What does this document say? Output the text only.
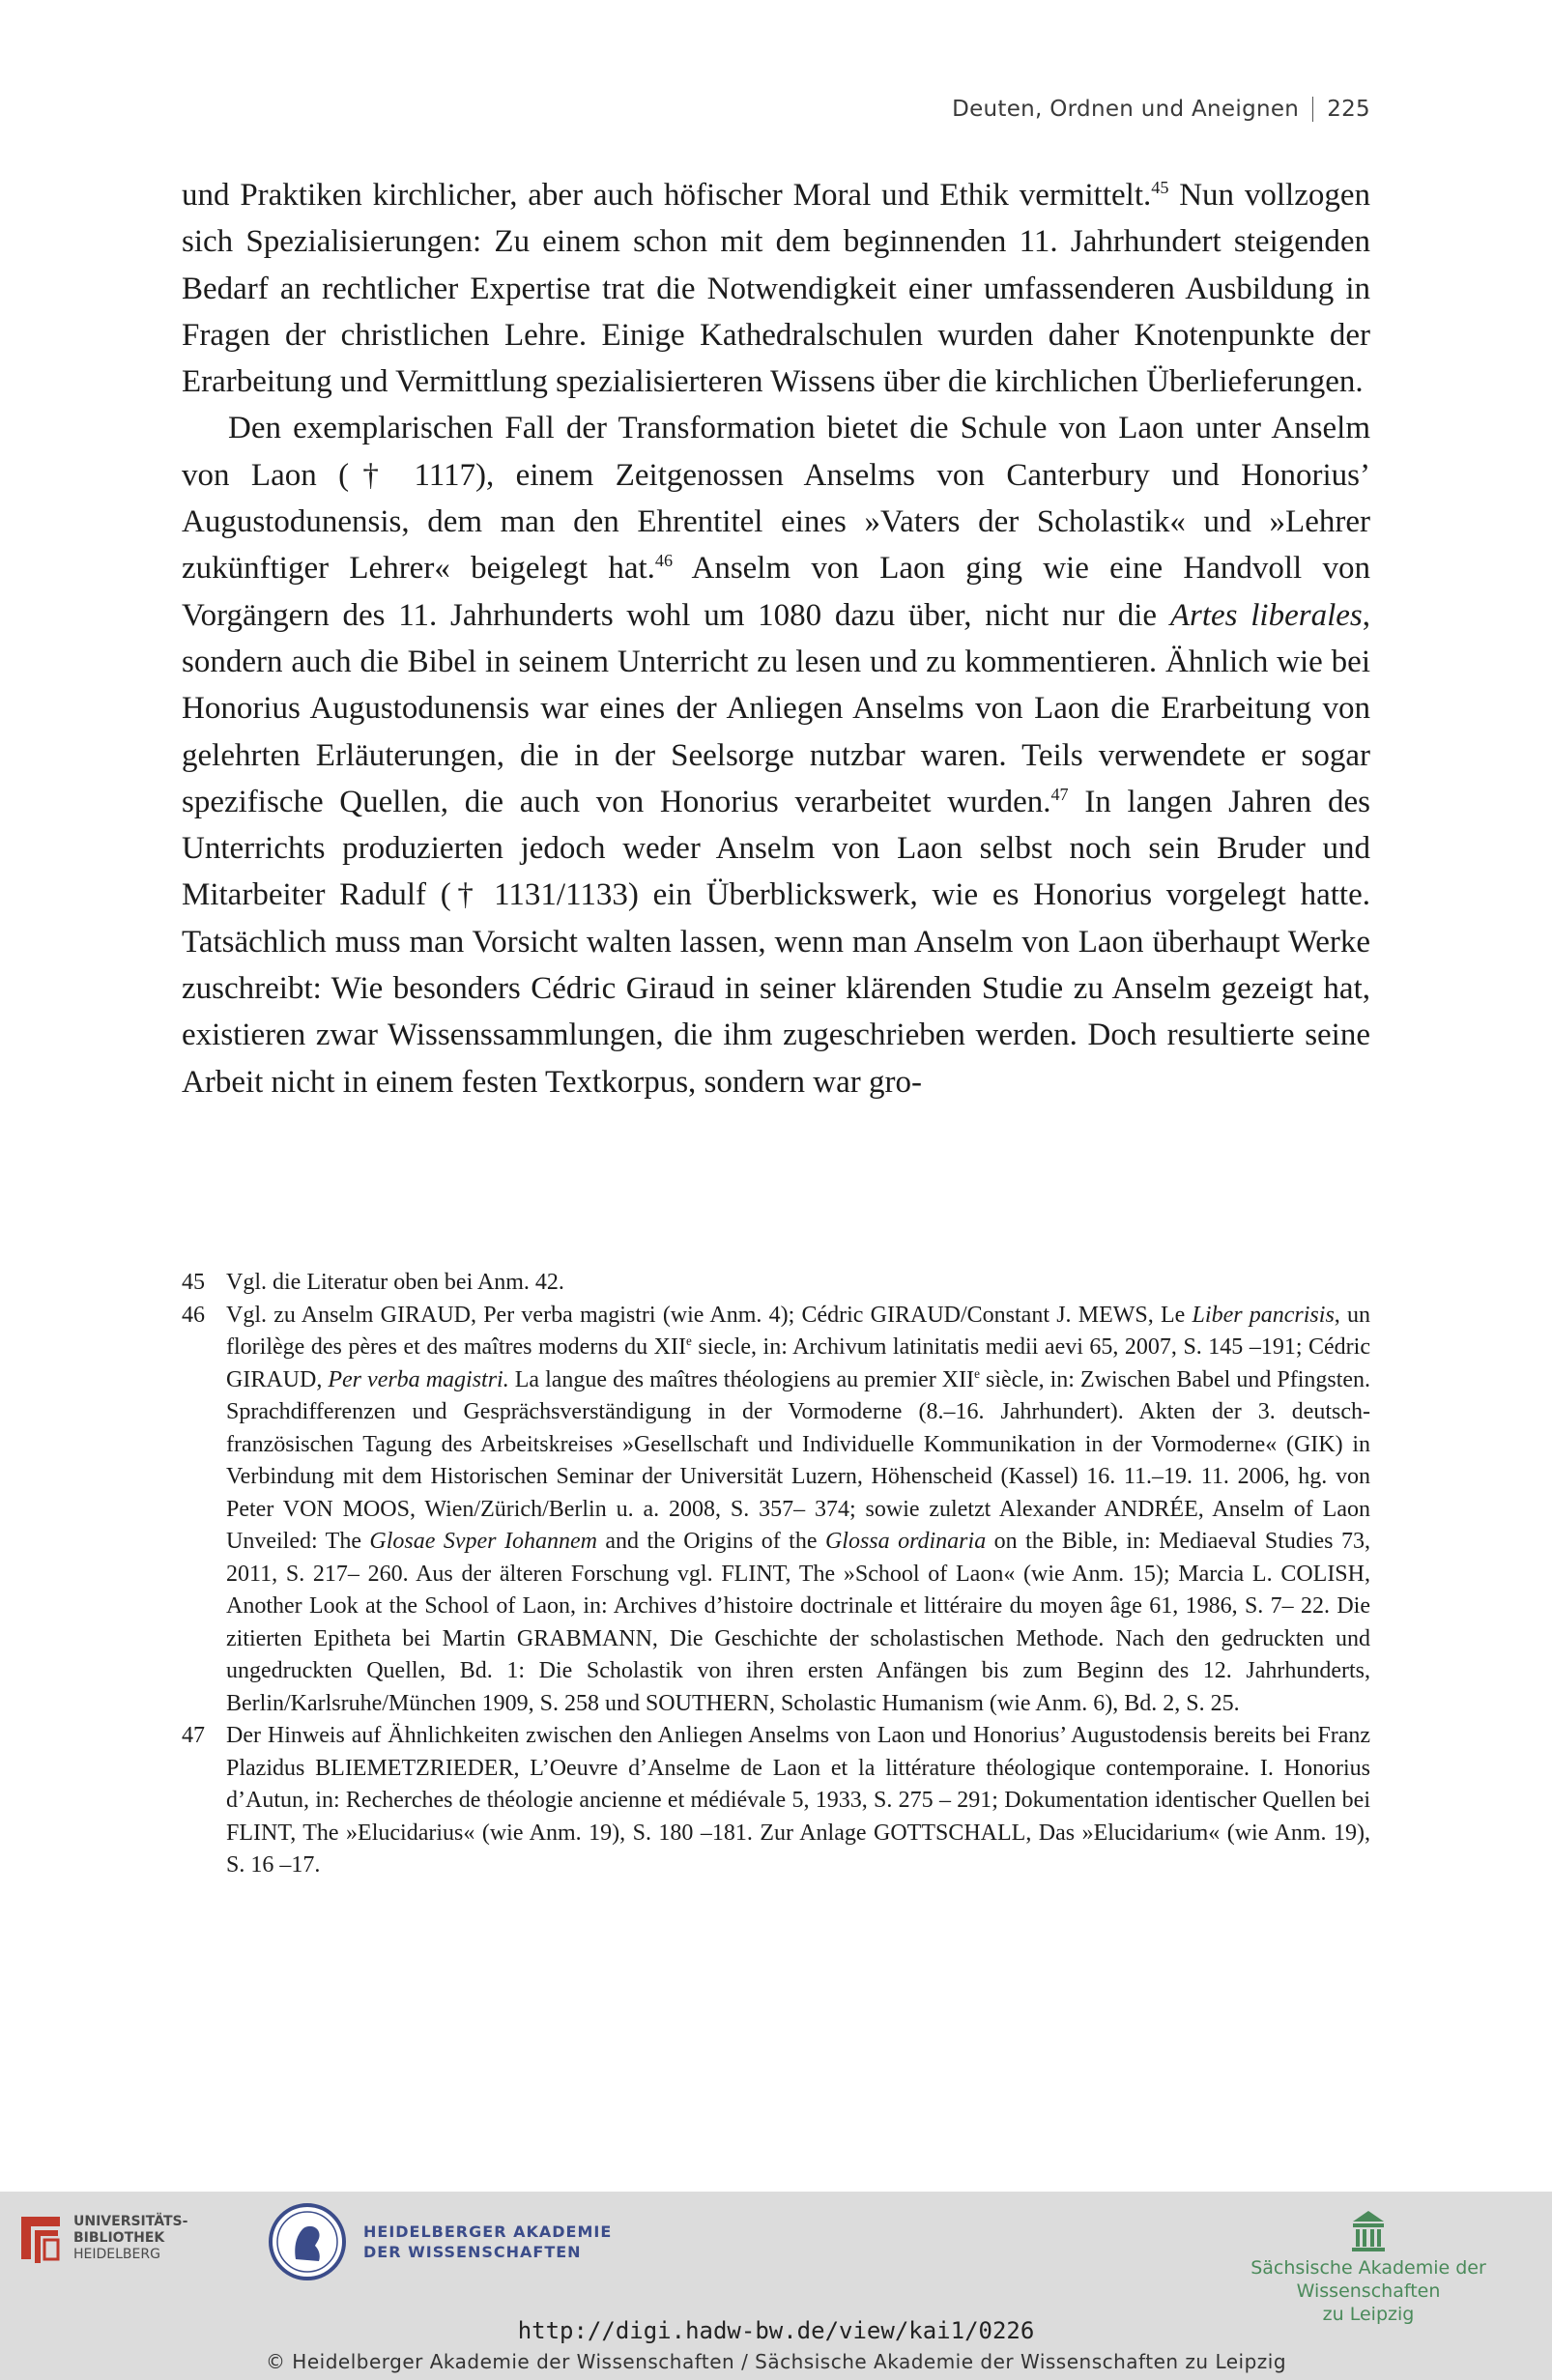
Deuten, Ordnen und Aneignen 225

und Praktiken kirchlicher, aber auch höfischer Moral und Ethik vermittelt.$^{45}$ Nun vollzogen sich Spezialisierungen: Zu einem schon mit dem beginnenden 11. Jahrhundert steigenden Bedarf an rechtlicher Expertise trat die Notwendigkeit einer umfassenderen Ausbildung in Fragen der christlichen Lehre. Einige Kathedralschulen wurden daher Knotenpunkte der Erarbeitung und Vermittlung spezialisierteren Wissens über die kirchlichen Überlieferungen.

Den exemplarischen Fall der Transformation bietet die Schule von Laon unter Anselm von Laon († 1117), einem Zeitgenossen Anselms von Canterbury und Honorius’ Augustodunensis, dem man den Ehrentitel eines »Vaters der Scholastik« und »Lehrer zukünftiger Lehrer« beigelegt hat.$^{46}$ Anselm von Laon ging wie eine Handvoll von Vorgängern des 11. Jahrhunderts wohl um 1080 dazu über, nicht nur die Artes liberales, sondern auch die Bibel in seinem Unterricht zu lesen und zu kommentieren. Ähnlich wie bei Honorius Augustodunensis war eines der Anliegen Anselms von Laon die Erarbeitung von gelehrten Erläuterungen, die in der Seelsorge nutzbar waren. Teils verwendete er sogar spezifische Quellen, die auch von Honorius verarbeitet wurden.$^{47}$ In langen Jahren des Unterrichts produzierten jedoch weder Anselm von Laon selbst noch sein Bruder und Mitarbeiter Radulf († 1131/1133) ein Überblickswerk, wie es Honorius vorgelegt hatte. Tatsächlich muss man Vorsicht walten lassen, wenn man Anselm von Laon überhaupt Werke zuschreibt: Wie besonders Cédric Giraud in seiner klärenden Studie zu Anselm gezeigt hat, existieren zwar Wissenssammlungen, die ihm zugeschrieben werden. Doch resultierte seine Arbeit nicht in einem festen Textkorpus, sondern war gro-

45 Vgl. die Literatur oben bei Anm. 42.
46 Vgl. zu Anselm GIRAUD, Per verba magistri (wie Anm. 4); Cédric GIRAUD/Constant J. MEWS, Le Liber pancrisis, un florilège des pères et des maîtres moderns du XIIe siecle, in: Archivum latinitatis medii aevi 65, 2007, S. 145 –191; Cédric GIRAUD, Per verba magistri. La langue des maîtres théologiens au premier XIIe siècle, in: Zwischen Babel und Pfingsten. Sprachdifferenzen und Gesprächsverständigung in der Vormoderne (8.–16. Jahrhundert). Akten der 3. deutsch-französischen Tagung des Arbeitskreises »Gesellschaft und Individuelle Kommunikation in der Vormoderne« (GIK) in Verbindung mit dem Historischen Seminar der Universität Luzern, Höhenscheid (Kassel) 16. 11.–19. 11. 2006, hg. von Peter VON MOOS, Wien/Zürich/Berlin u. a. 2008, S. 357– 374; sowie zuletzt Alexander ANDRÉE, Anselm of Laon Unveiled: The Glosae Svper Iohannem and the Origins of the Glossa ordinaria on the Bible, in: Mediaeval Studies 73, 2011, S. 217– 260. Aus der älteren Forschung vgl. FLINT, The »School of Laon« (wie Anm. 15); Marcia L. COLISH, Another Look at the School of Laon, in: Archives d’histoire doctrinale et littéraire du moyen âge 61, 1986, S. 7– 22. Die zitierten Epitheta bei Martin GRABMANN, Die Geschichte der scholastischen Methode. Nach den gedruckten und ungedruckten Quellen, Bd. 1: Die Scholastik von ihren ersten Anfängen bis zum Beginn des 12. Jahrhunderts, Berlin/Karlsruhe/München 1909, S. 258 und SOUTHERN, Scholastic Humanism (wie Anm. 6), Bd. 2, S. 25.
47 Der Hinweis auf Ähnlichkeiten zwischen den Anliegen Anselms von Laon und Honorius’ Augustodensis bereits bei Franz Plazidus BLIEMETZRIEDER, L’Oeuvre d’Anselme de Laon et la littérature théologique contemporaine. I. Honorius d’Autun, in: Recherches de théologie ancienne et médiévale 5, 1933, S. 275 – 291; Dokumentation identischer Quellen bei FLINT, The »Elucidarius« (wie Anm. 19), S. 180 –181. Zur Anlage GOTTSCHALL, Das »Elucidarium« (wie Anm. 19), S. 16 –17.
UNIVERSITÄTS-
BIBLIOTHEK
HEIDELBERG
HEIDELBERGER AKADEMIE
DER WISSENSCHAFTEN
Sächsische Akademie der Wissenschaften
zu Leipzig
http://digi.hadw-bw.de/view/kai1/0226
© Heidelberger Akademie der Wissenschaften / Sächsische Akademie der Wissenschaften zu Leipzig
